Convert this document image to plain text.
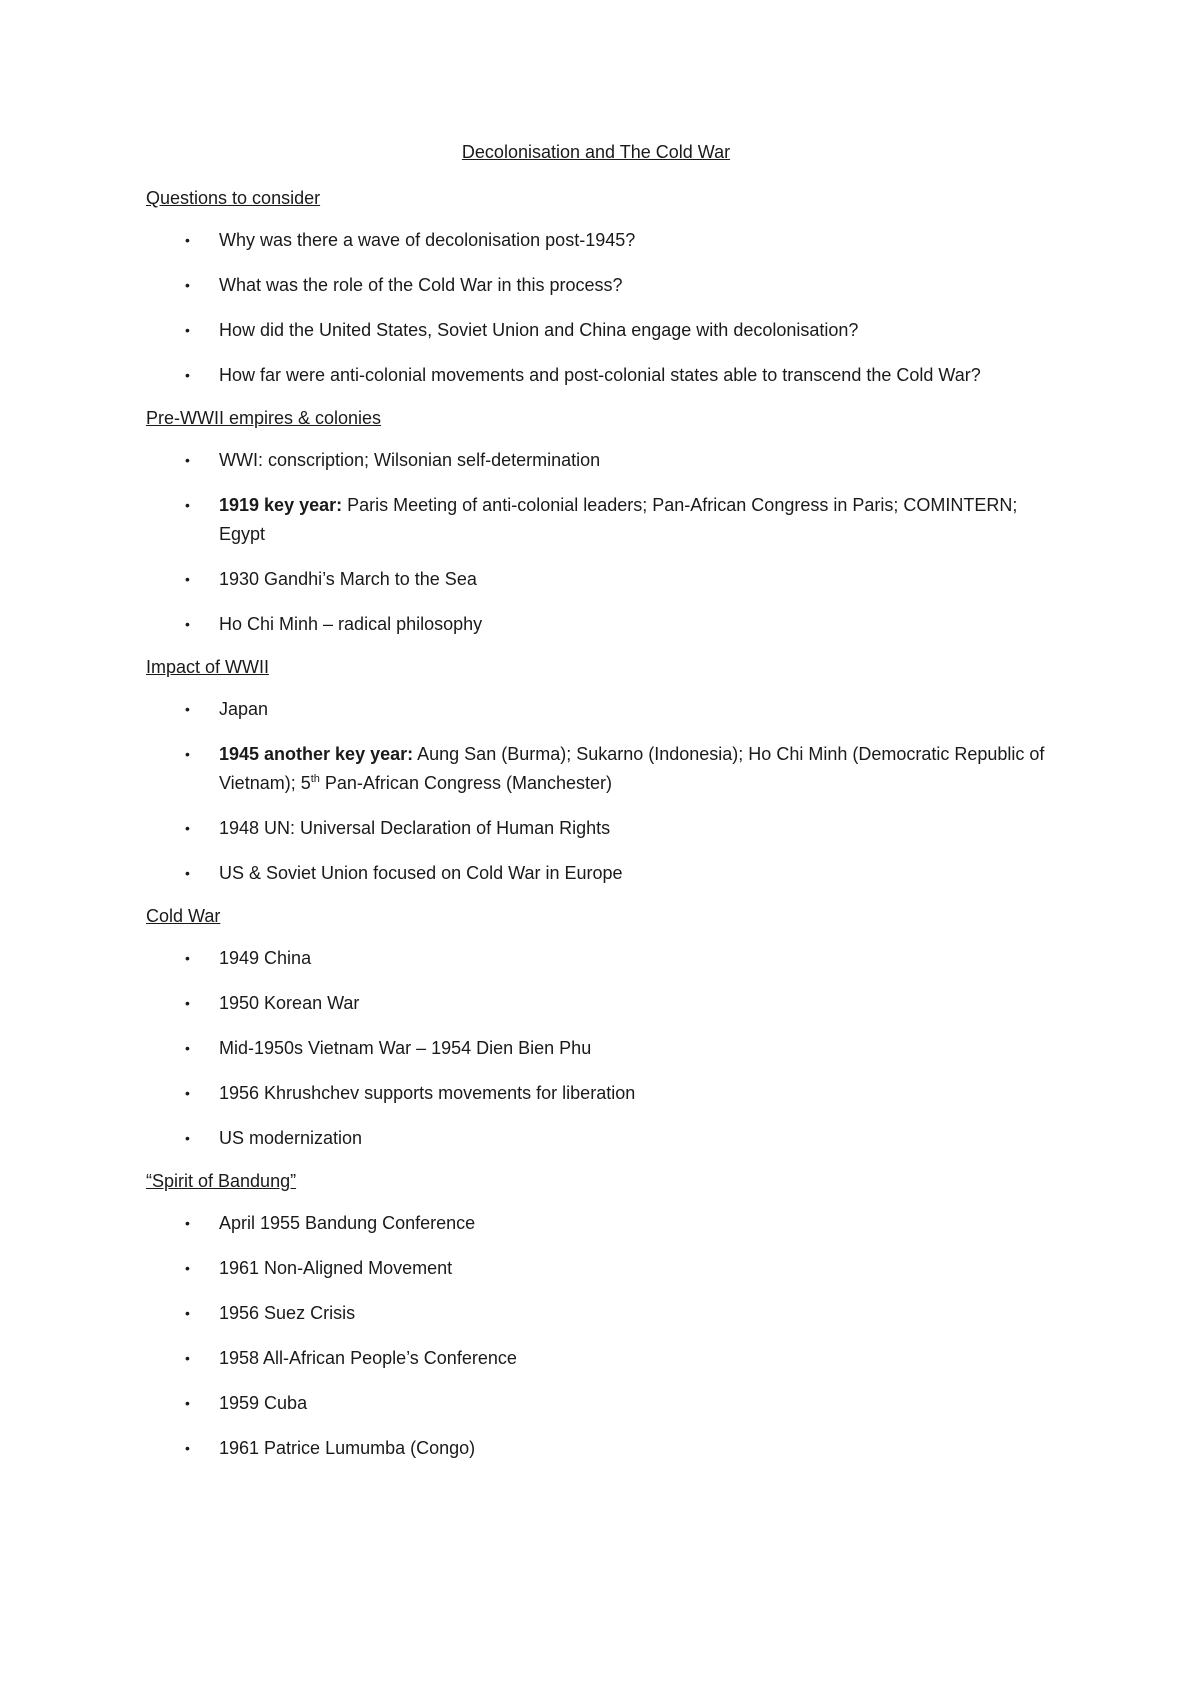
Decolonisation and The Cold War
Questions to consider
• Why was there a wave of decolonisation post-1945?
• What was the role of the Cold War in this process?
• How did the United States, Soviet Union and China engage with decolonisation?
• How far were anti-colonial movements and post-colonial states able to transcend the Cold War?
Pre-WWII empires & colonies
• WWI: conscription; Wilsonian self-determination
• 1919 key year: Paris Meeting of anti-colonial leaders; Pan-African Congress in Paris; COMINTERN; Egypt
• 1930 Gandhi’s March to the Sea
• Ho Chi Minh – radical philosophy
Impact of WWII
• Japan
• 1945 another key year: Aung San (Burma); Sukarno (Indonesia); Ho Chi Minh (Democratic Republic of Vietnam); 5th Pan-African Congress (Manchester)
• 1948 UN: Universal Declaration of Human Rights
• US & Soviet Union focused on Cold War in Europe
Cold War
• 1949 China
• 1950 Korean War
• Mid-1950s Vietnam War – 1954 Dien Bien Phu
• 1956 Khrushchev supports movements for liberation
• US modernization
“Spirit of Bandung”
• April 1955 Bandung Conference
• 1961 Non-Aligned Movement
• 1956 Suez Crisis
• 1958 All-African People’s Conference
• 1959 Cuba
• 1961 Patrice Lumumba (Congo)
